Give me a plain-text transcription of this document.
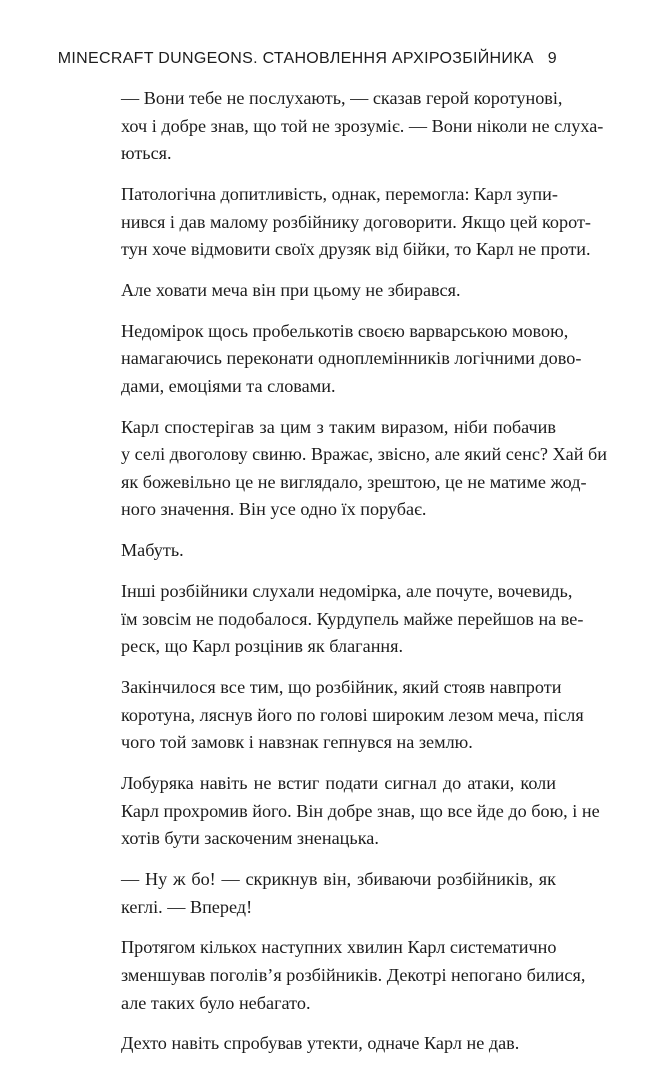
MINECRAFT DUNGEONS. СТАНОВЛЕННЯ АРХІРОЗБІЙНИКА 9

— Вони тебе не послухають, — сказав герой коротунові,
хоч і добре знав, що той не зрозуміє. — Вони ніколи не слуха-
ються.

Патологічна допитливість, однак, перемогла: Карл зупи-
нився і дав малому розбійнику договорити. Якщо цей корот-
тун хоче відмовити своїх друзяк від бійки, то Карл не проти.

Але ховати меча він при цьому не збирався.

Недомірок щось пробелькотів своєю варварською мовою,
намагаючись переконати одноплемінників логічними дово-
дами, емоціями та словами.

Карл спостерігав за цим з таким виразом, ніби побачив
у селі двоголову свиню. Вражає, звісно, але який сенс? Хай би
як божевільно це не виглядало, зрештою, це не матиме жод-
ного значення. Він усе одно їх порубає.

Мабуть.

Інші розбійники слухали недомірка, але почуте, вочевидь,
їм зовсім не подобалося. Курдупель майже перейшов на ве-
реск, що Карл розцінив як благання.

Закінчилося все тим, що розбійник, який стояв навпроти
коротуна, ляснув його по голові широким лезом меча, після
чого той замовк і навзнак гепнувся на землю.

Лобуряка навіть не встиг подати сигнал до атаки, коли
Карл прохромив його. Він добре знав, що все йде до бою, і не
хотів бути заскоченим зненацька.

— Ну ж бо! — скрикнув він, збиваючи розбійників, як
кеглі. — Вперед!

Протягом кількох наступних хвилин Карл систематично
зменшував поголів’я розбійників. Декотрі непогано билися,
але таких було небагато.

Дехто навіть спробував утекти, одначе Карл не дав.
